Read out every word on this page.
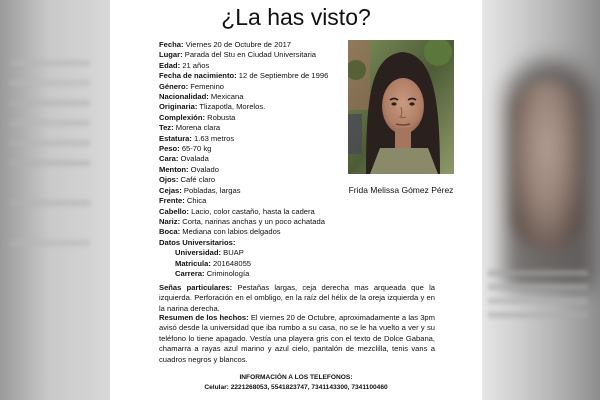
¿La has visto?
Fecha: Viernes 20 de Octubre de 2017
Lugar: Parada del Stu en Ciudad Universitaria
Edad: 21 años
Fecha de nacimiento: 12 de Septiembre de 1996
Género: Femenino
Nacionalidad: Mexicana
Originaria: Tlizapotla, Morelos.
Complexión: Robusta
Tez: Morena clara
Estatura: 1.63 metros
Peso: 65-70 kg
Cara: Ovalada
Menton: Ovalado
Ojos: Café claro
Cejas: Pobladas, largas
Frente: Chica
Cabello: Lacio, color castaño, hasta la cadera
Nariz: Corta, narinas anchas y un poco achatada
Boca: Mediana con labios delgados
Datos Universitarios:
Universidad: BUAP
Matricula: 201648055
Carrera: Criminología
Frida Melissa Gómez Pérez
Señas particulares: Pestañas largas, ceja derecha mas arqueada que la izquierda. Perforación en el ombligo, en la raíz del hélix de la oreja izquierda y en la narina derecha.
Resumen de los hechos: El viernes 20 de Octubre, aproximadamente a las 3pm avisó desde la universidad que iba rumbo a su casa, no se le ha vuelto a ver y su teléfono lo tiene apagado. Vestía una playera gris con el texto de Dolce Gabana, chamarra a rayas azul marino y azul cielo, pantalón de mezclilla, tenis vans a cuadros negros y blancos.
INFORMACIÓN A LOS TELEFONOS:
Celular: 2221268053, 5541823747, 7341143300, 7341100460
